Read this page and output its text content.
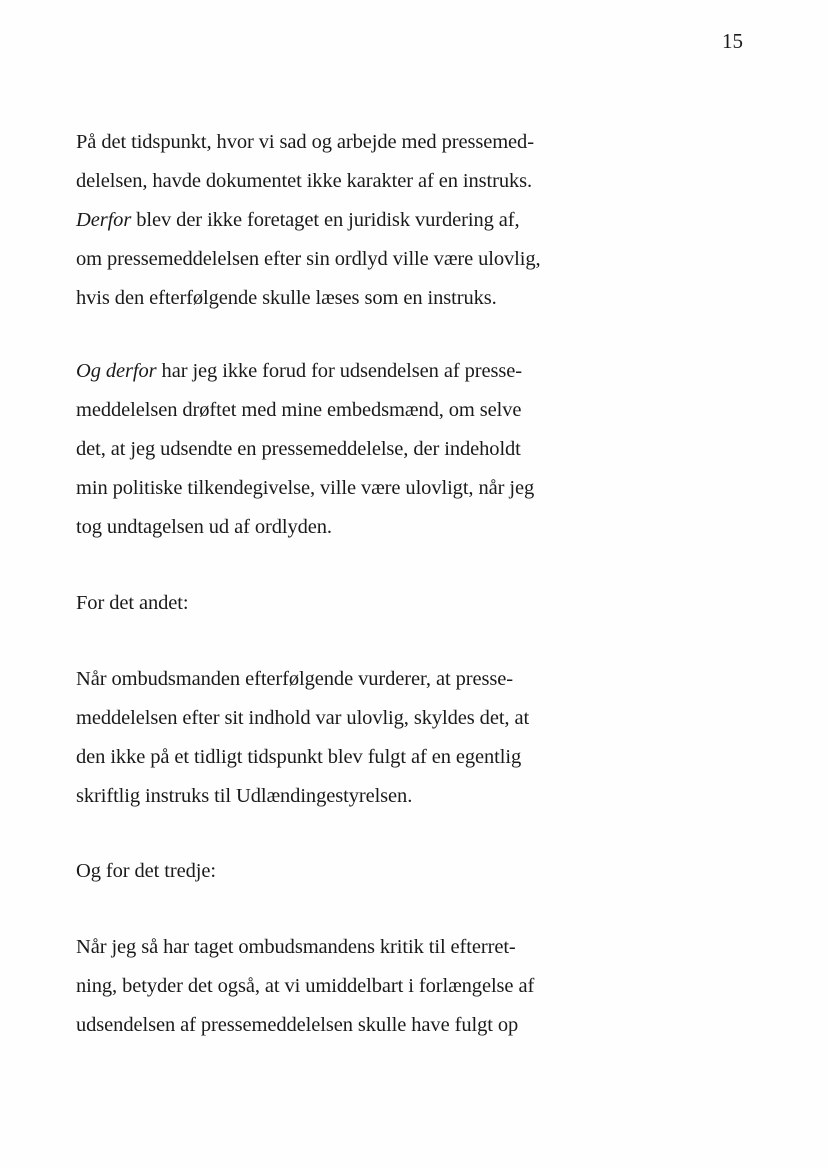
15
På det tidspunkt, hvor vi sad og arbejde med pressemed-
delelsen, havde dokumentet ikke karakter af en instruks.
Derfor blev der ikke foretaget en juridisk vurdering af,
om pressemeddelelsen efter sin ordlyd ville være ulovlig,
hvis den efterfølgende skulle læses som en instruks.
Og derfor har jeg ikke forud for udsendelsen af presse-
meddelelsen drøftet med mine embedsmænd, om selve
det, at jeg udsendte en pressemeddelelse, der indeholdt
min politiske tilkendegivelse, ville være ulovligt, når jeg
tog undtagelsen ud af ordlyden.
For det andet:
Når ombudsmanden efterfølgende vurderer, at presse-
meddelelsen efter sit indhold var ulovlig, skyldes det, at
den ikke på et tidligt tidspunkt blev fulgt af en egentlig
skriftlig instruks til Udlændingestyrelsen.
Og for det tredje:
Når jeg så har taget ombudsmandens kritik til efterret-
ning, betyder det også, at vi umiddelbart i forlængelse af
udsendelsen af pressemeddelelsen skulle have fulgt op
